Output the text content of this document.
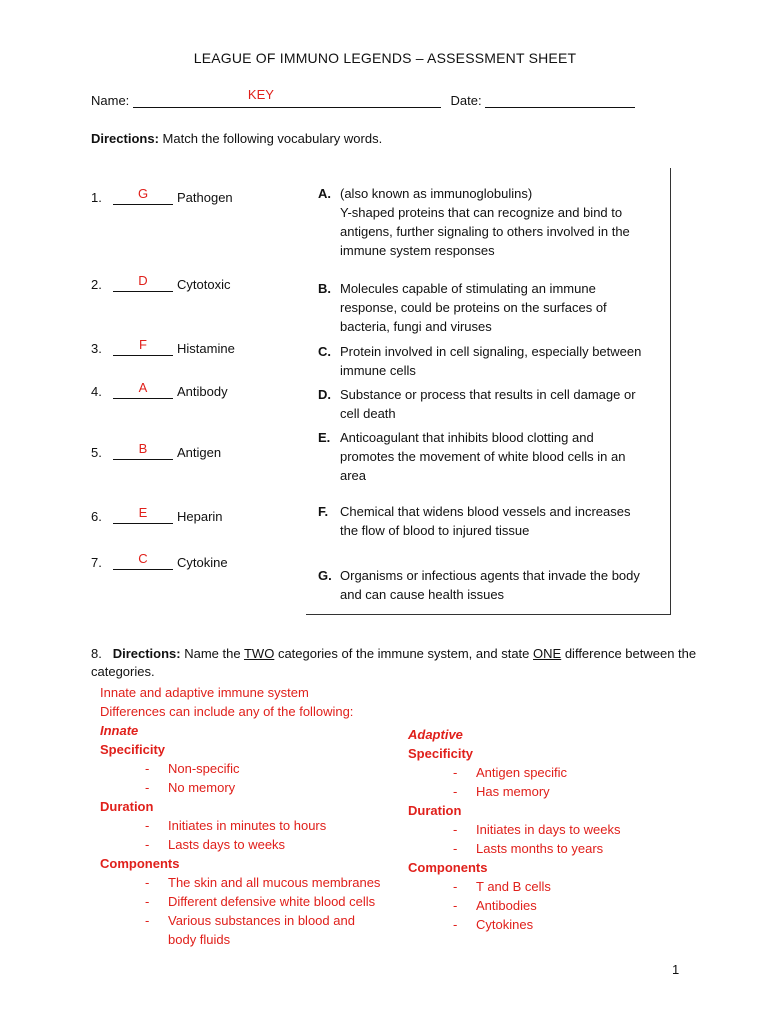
LEAGUE OF IMMUNO LEGENDS – ASSESSMENT SHEET
Name:	KEY	Date:
Directions: Match the following vocabulary words.
1.	G	Pathogen
2.	D	Cytotoxic
3.	F	Histamine
4.	A	Antibody
5.	B	Antigen
6.	E	Heparin
7.	C	Cytokine
A. (also known as immunoglobulins)
Y-shaped proteins that can recognize and bind to
antigens, further signaling to others involved in the
immune system responses
B. Molecules capable of stimulating an immune
response, could be proteins on the surfaces of
bacteria, fungi and viruses
C. Protein involved in cell signaling, especially between
immune cells
D. Substance or process that results in cell damage or
cell death
E. Anticoagulant that inhibits blood clotting and
promotes the movement of white blood cells in an
area
F. Chemical that widens blood vessels and increases
the flow of blood to injured tissue
G. Organisms or infectious agents that invade the body
and can cause health issues
8. Directions: Name the TWO categories of the immune system, and state ONE difference between the
categories.
Innate and adaptive immune system
Differences can include any of the following:
Innate
Specificity
- Non-specific
- No memory
Duration
- Initiates in minutes to hours
- Lasts days to weeks
Components
- The skin and all mucous membranes
- Different defensive white blood cells
- Various substances in blood and
body fluids
Adaptive
Specificity
- Antigen specific
- Has memory
Duration
- Initiates in days to weeks
- Lasts months to years
Components
- T and B cells
- Antibodies
- Cytokines
1
